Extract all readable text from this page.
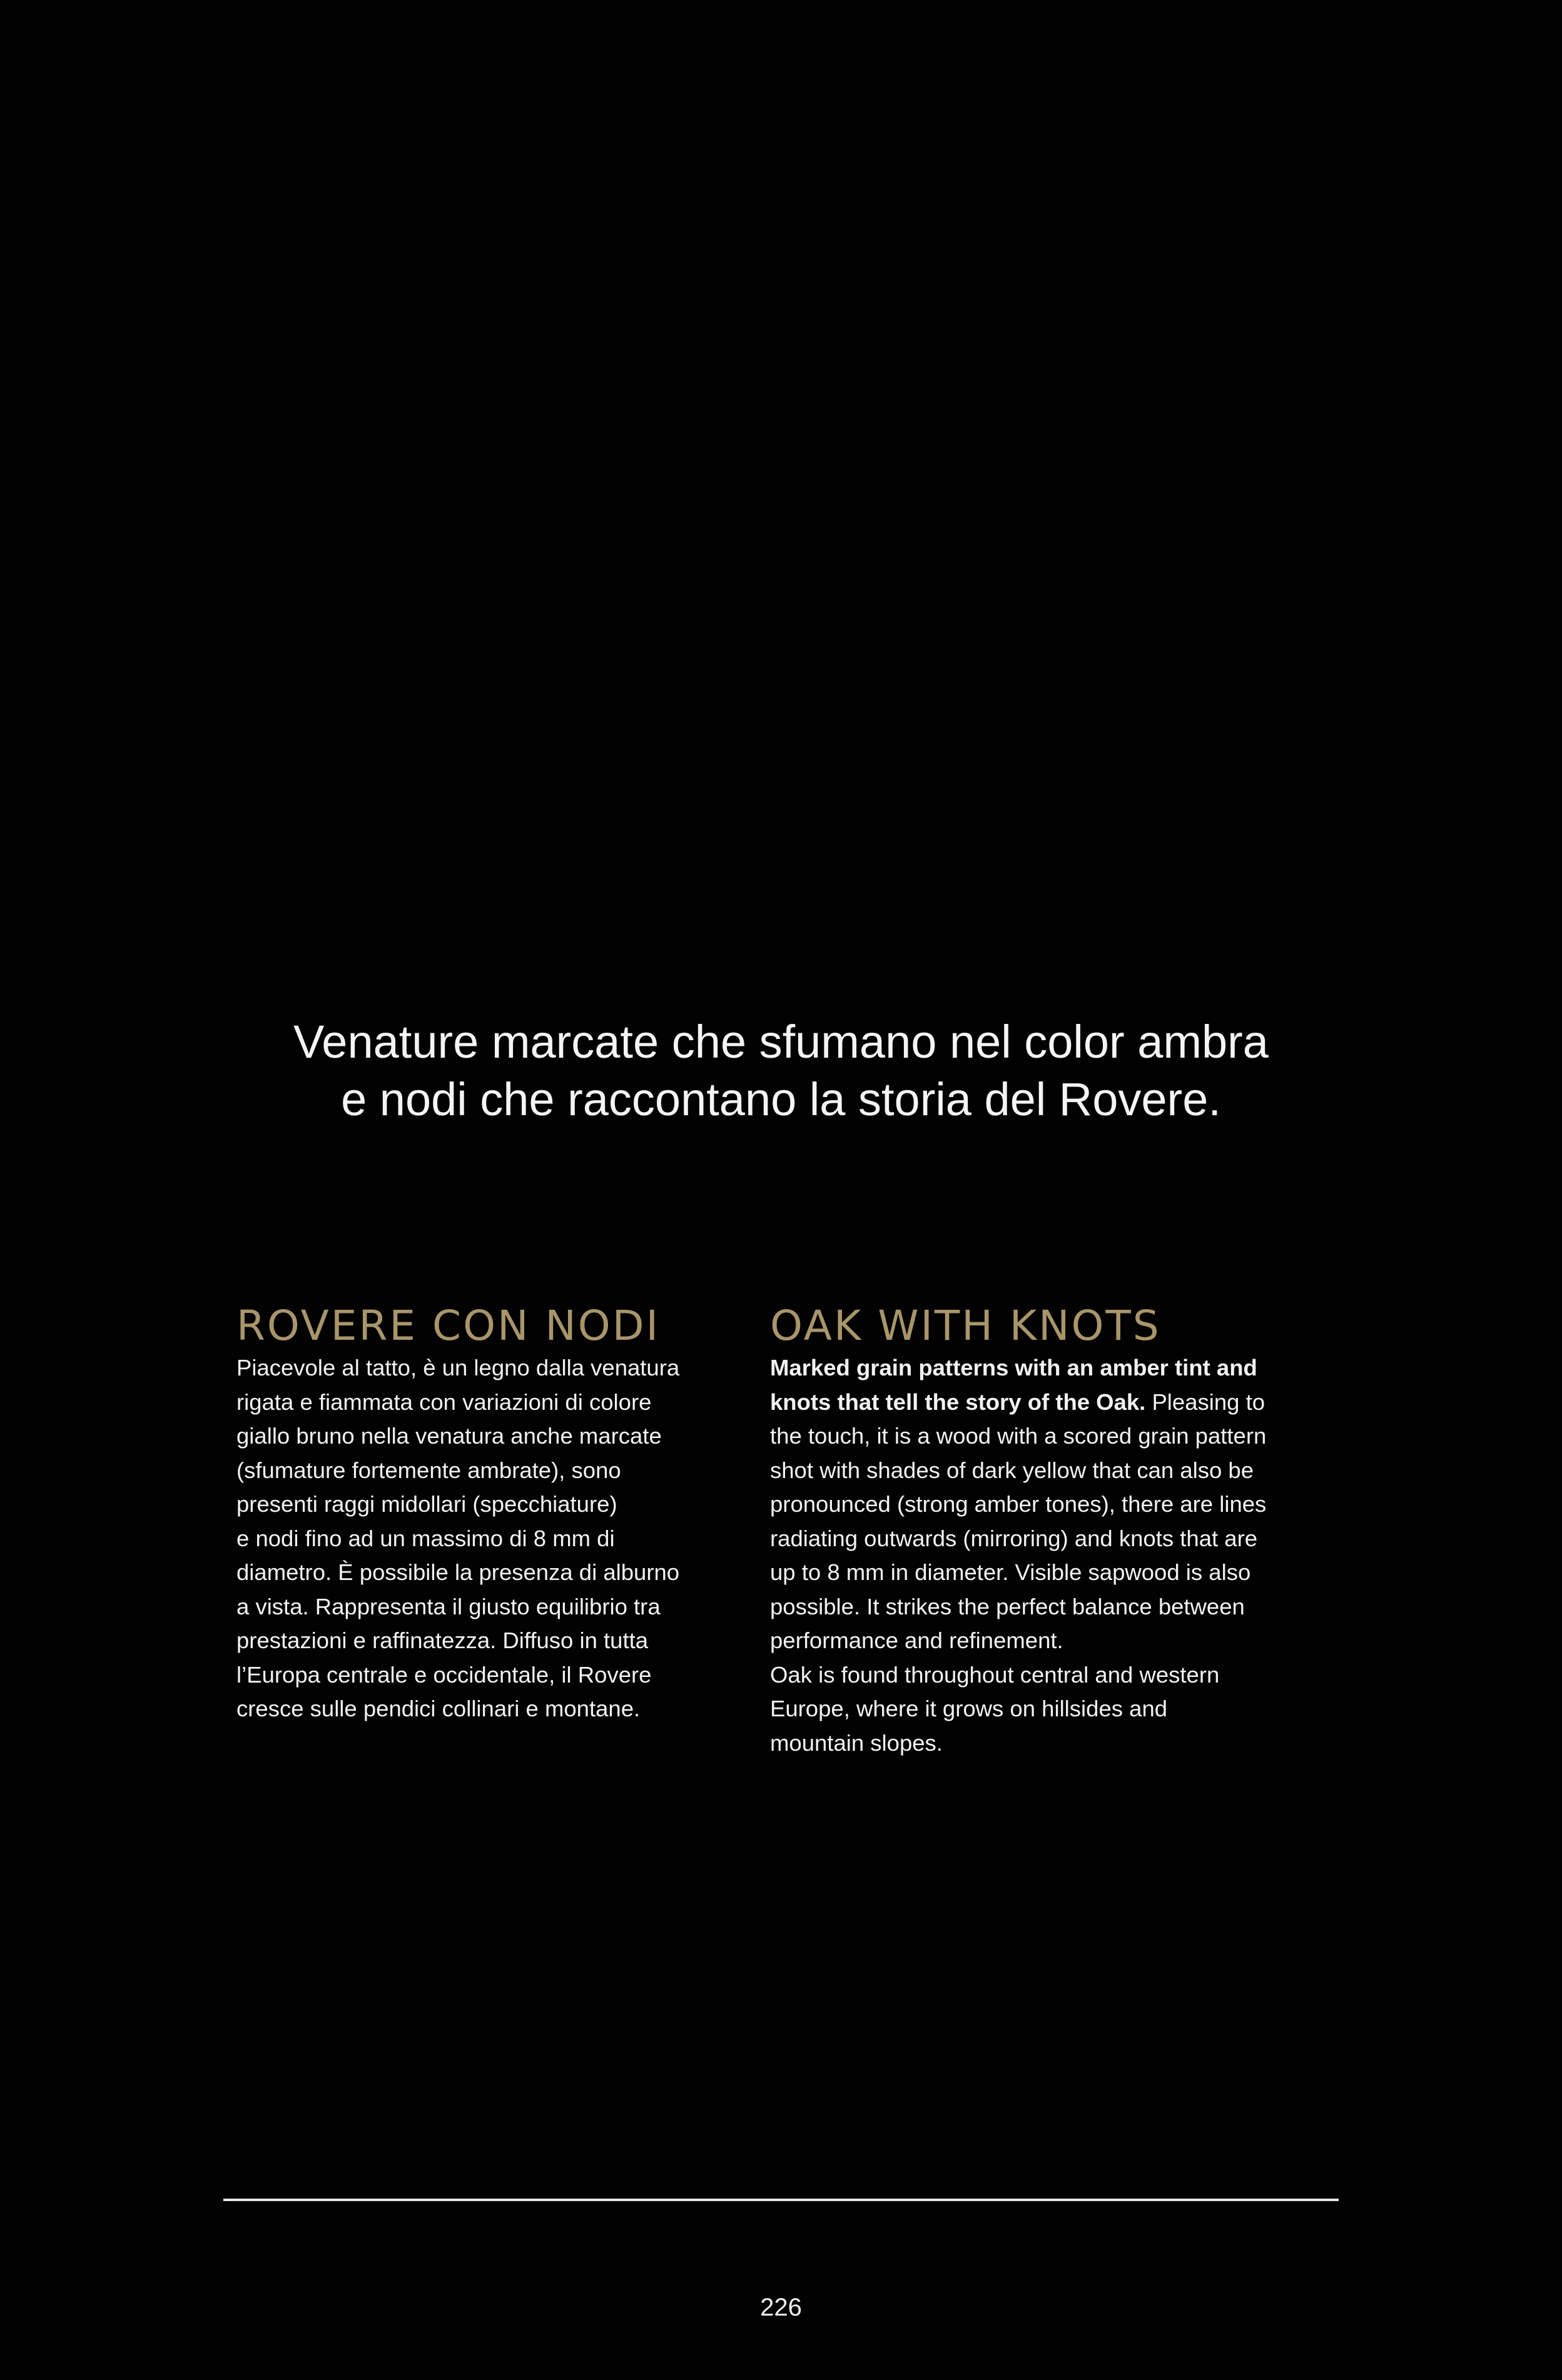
Venature marcate che sfumano nel color ambra
e nodi che raccontano la storia del Rovere.
ROVERE CON NODI

Piacevole al tatto, è un legno dalla venatura
rigata e fiammata con variazioni di colore
giallo bruno nella venatura anche marcate
(sfumature fortemente ambrate), sono
presenti raggi midollari (specchiature)
e nodi fino ad un massimo di 8 mm di
diametro. È possibile la presenza di alburno
a vista. Rappresenta il giusto equilibrio tra
prestazioni e raffinatezza. Diffuso in tutta
l’Europa centrale e occidentale, il Rovere
cresce sulle pendici collinari e montane.

OAK WITH KNOTS

Marked grain patterns with an amber tint and
knots that tell the story of the Oak. Pleasing to
the touch, it is a wood with a scored grain pattern
shot with shades of dark yellow that can also be
pronounced (strong amber tones), there are lines
radiating outwards (mirroring) and knots that are
up to 8 mm in diameter. Visible sapwood is also
possible. It strikes the perfect balance between
performance and refinement.
Oak is found throughout central and western
Europe, where it grows on hillsides and
mountain slopes.

226
